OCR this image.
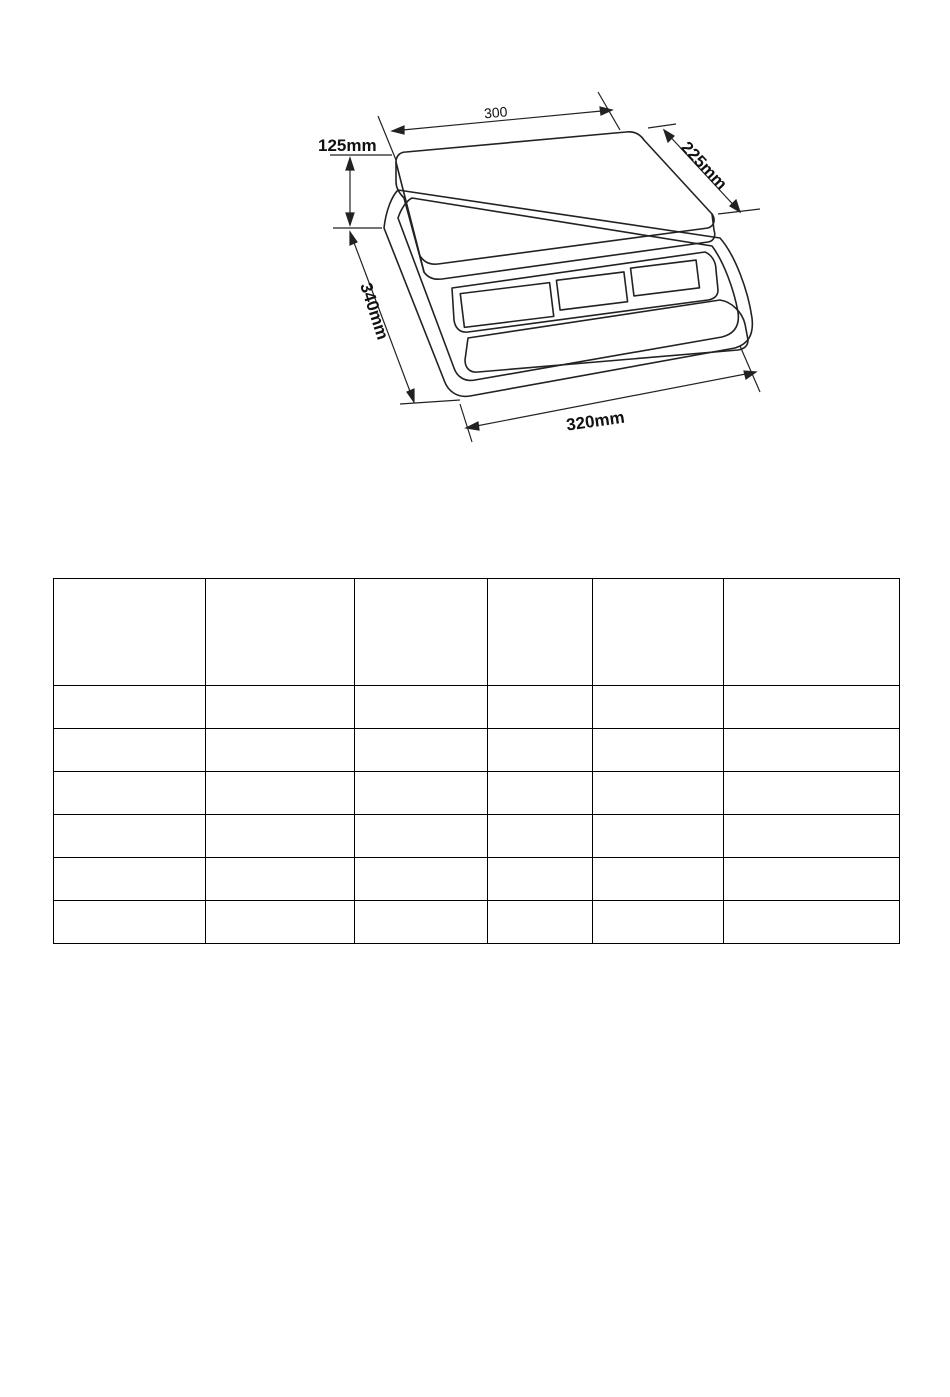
300
125mm	225mm
340mm
320mm
